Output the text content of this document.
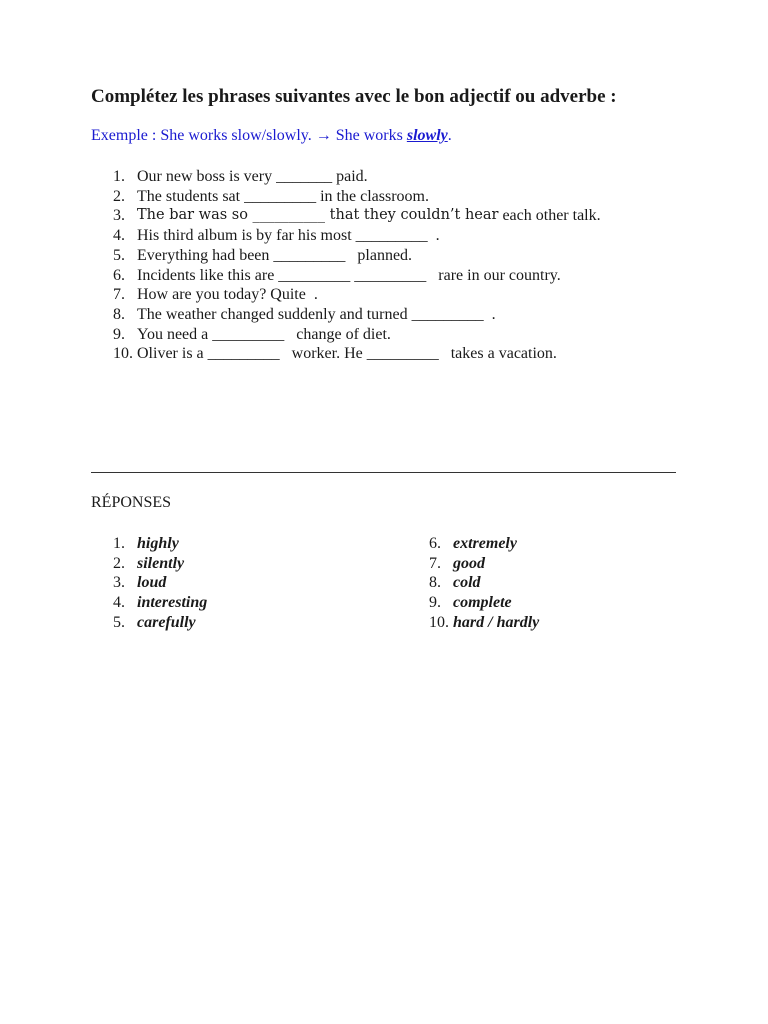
Complétez les phrases suivantes avec le bon adjectif ou adverbe :
Exemple : She works slow/slowly. → She works slowly.
1. Our new boss is very _______ paid.
2. The students sat _________ in the classroom.
3. The bar was so __________ that they couldn’t hear each other talk.
4. His third album is by far his most _________  .
5. Everything had been _________   planned.
6. Incidents like this are _________ _________   rare in our country.
7. How are you today? Quite  .
8. The weather changed suddenly and turned _________  .
9. You need a _________   change of diet.
10. Oliver is a _________   worker. He _________   takes a vacation.
RÉPONSES
1. highly
2. silently
3. loud
4. interesting
5. carefully
6. extremely
7. good
8. cold
9. complete
10. hard / hardly
